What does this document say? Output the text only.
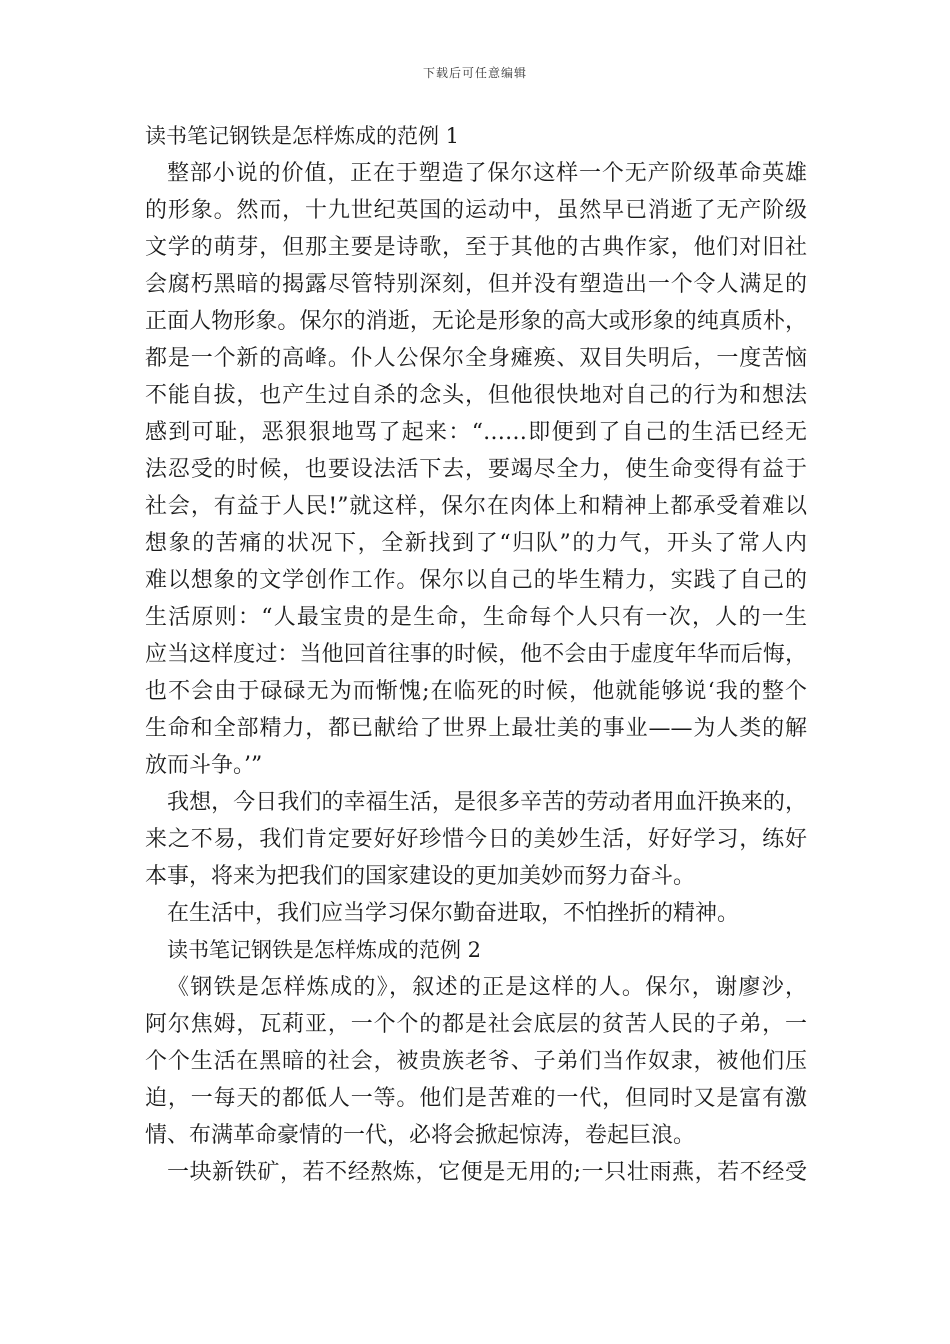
下载后可任意编辑
读书笔记钢铁是怎样炼成的范例 1
整部小说的价值，正在于塑造了保尔这样一个无产阶级革命英雄
的形象。然而，十九世纪英国的运动中，虽然早已消逝了无产阶级
文学的萌芽，但那主要是诗歌，至于其他的古典作家，他们对旧社
会腐朽黑暗的揭露尽管特别深刻，但并没有塑造出一个令人满足的
正面人物形象。保尔的消逝，无论是形象的高大或形象的纯真质朴，
都是一个新的高峰。仆人公保尔全身瘫痪、双目失明后，一度苦恼
不能自拔，也产生过自杀的念头，但他很快地对自己的行为和想法
感到可耻，恶狠狠地骂了起来：“……即便到了自己的生活已经无
法忍受的时候，也要设法活下去，要竭尽全力，使生命变得有益于
社会，有益于人民!”就这样，保尔在肉体上和精神上都承受着难以
想象的苦痛的状况下，全新找到了“归队”的力气，开头了常人内
难以想象的文学创作工作。保尔以自己的毕生精力，实践了自己的
生活原则：“人最宝贵的是生命，生命每个人只有一次，人的一生
应当这样度过：当他回首往事的时候，他不会由于虚度年华而后悔，
也不会由于碌碌无为而惭愧;在临死的时候，他就能够说‘我的整个
生命和全部精力，都已献给了世界上最壮美的事业——为人类的解
放而斗争。’”
我想，今日我们的幸福生活，是很多辛苦的劳动者用血汗换来的，
来之不易，我们肯定要好好珍惜今日的美妙生活，好好学习，练好
本事，将来为把我们的国家建设的更加美妙而努力奋斗。
在生活中，我们应当学习保尔勤奋进取，不怕挫折的精神。
读书笔记钢铁是怎样炼成的范例 2
《钢铁是怎样炼成的》，叙述的正是这样的人。保尔，谢廖沙，
阿尔焦姆，瓦莉亚，一个个的都是社会底层的贫苦人民的子弟，一
个个生活在黑暗的社会，被贵族老爷、子弟们当作奴隶，被他们压
迫，一每天的都低人一等。他们是苦难的一代，但同时又是富有激
情、布满革命豪情的一代，必将会掀起惊涛，卷起巨浪。
一块新铁矿，若不经熬炼，它便是无用的;一只壮雨燕，若不经受
